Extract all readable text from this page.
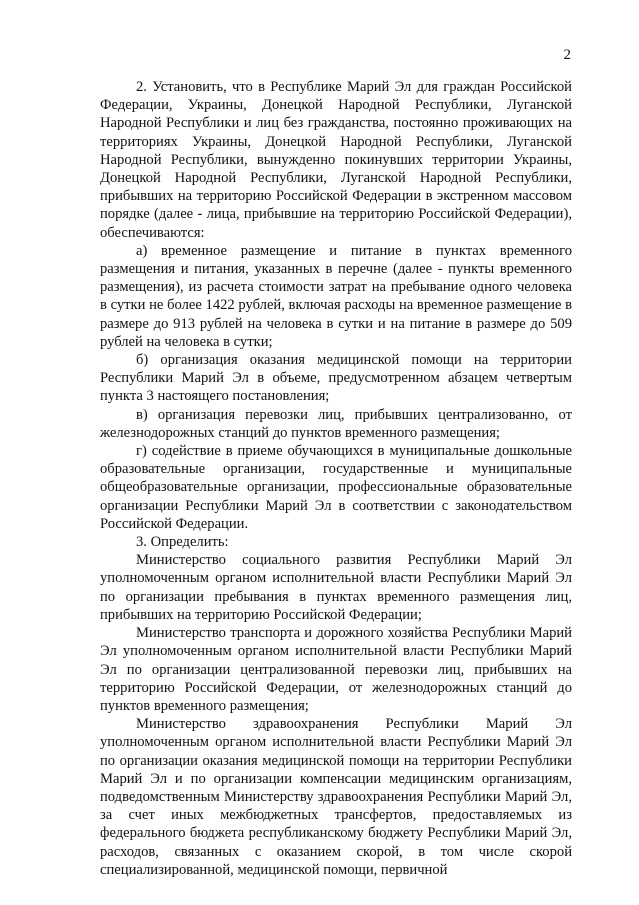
2

2. Установить, что в Республике Марий Эл для граждан Российской Федерации, Украины, Донецкой Народной Республики, Луганской Народной Республики и лиц без гражданства, постоянно проживающих на территориях Украины, Донецкой Народной Республики, Луганской Народной Республики, вынужденно покинувших территории Украины, Донецкой Народной Республики, Луганской Народной Республики, прибывших на территорию Российской Федерации в экстренном массовом порядке (далее - лица, прибывшие на территорию Российской Федерации), обеспечиваются:

а) временное размещение и питание в пунктах временного размещения и питания, указанных в перечне (далее - пункты временного размещения), из расчета стоимости затрат на пребывание одного человека в сутки не более 1422 рублей, включая расходы на временное размещение в размере до 913 рублей на человека в сутки и на питание в размере до 509 рублей на человека в сутки;

б) организация оказания медицинской помощи на территории Республики Марий Эл в объеме, предусмотренном абзацем четвертым пункта 3 настоящего постановления;

в) организация перевозки лиц, прибывших централизованно, от железнодорожных станций до пунктов временного размещения;

г) содействие в приеме обучающихся в муниципальные дошкольные образовательные организации, государственные и муниципальные общеобразовательные организации, профессиональные образовательные организации Республики Марий Эл в соответствии с законодательством Российской Федерации.

3. Определить:

Министерство социального развития Республики Марий Эл уполномоченным органом исполнительной власти Республики Марий Эл по организации пребывания в пунктах временного размещения лиц, прибывших на территорию Российской Федерации;

Министерство транспорта и дорожного хозяйства Республики Марий Эл уполномоченным органом исполнительной власти Республики Марий Эл по организации централизованной перевозки лиц, прибывших на территорию Российской Федерации, от железнодорожных станций до пунктов временного размещения;

Министерство здравоохранения Республики Марий Эл уполномоченным органом исполнительной власти Республики Марий Эл по организации оказания медицинской помощи на территории Республики Марий Эл и по организации компенсации медицинским организациям, подведомственным Министерству здравоохранения Республики Марий Эл, за счет иных межбюджетных трансфертов, предоставляемых из федерального бюджета республиканскому бюджету Республики Марий Эл, расходов, связанных с оказанием скорой, в том числе скорой специализированной, медицинской помощи, первичной
